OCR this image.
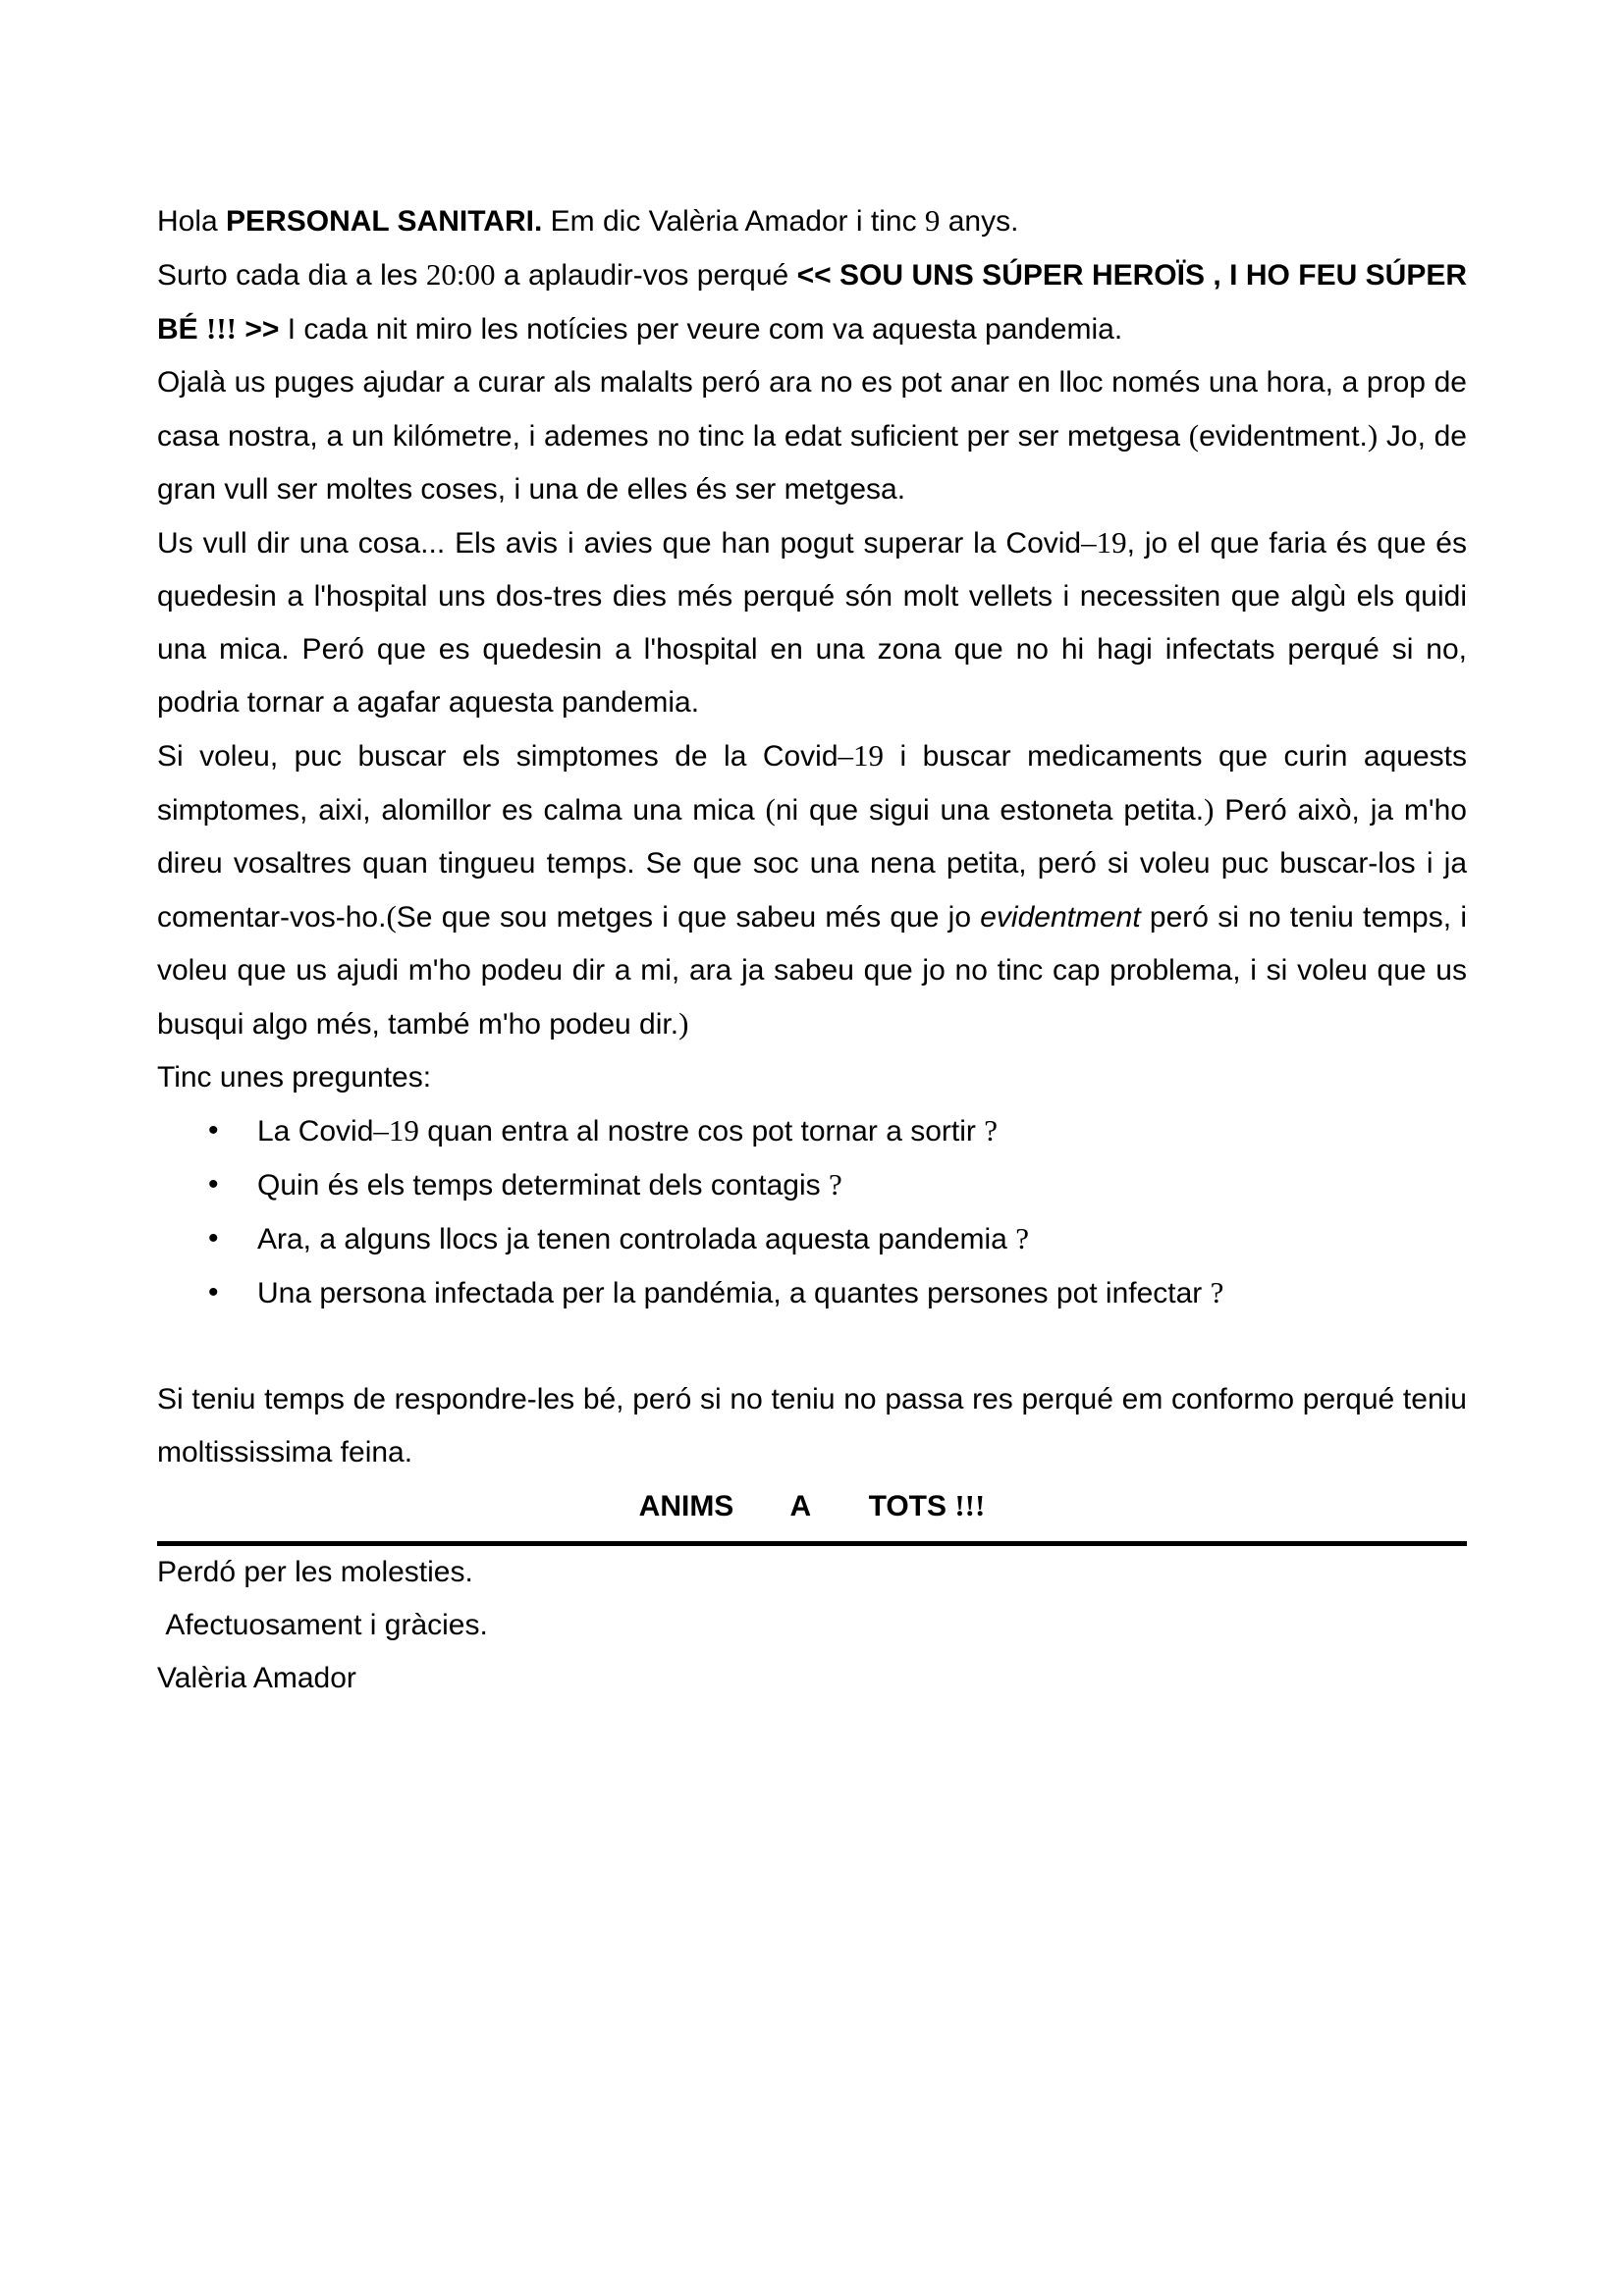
Hola PERSONAL SANITARI. Em dic Valèria Amador i tinc 9 anys.

Surto cada dia a les 20:00 a aplaudir-vos perqué << SOU UNS SÚPER HEROÏS , I HO FEU SÚPER BÉ !!! >> I cada nit miro les notícies per veure com va aquesta pandemia.

Ojalà us puges ajudar a curar als malalts peró ara no es pot anar en lloc només una hora, a prop de casa nostra, a un kilómetre, i ademes no tinc la edat suficient per ser metgesa (evidentment.) Jo, de gran vull ser moltes coses, i una de elles és ser metgesa.

Us vull dir una cosa... Els avis i avies que han pogut superar la Covid–19, jo el que faria és que és quedesin a l'hospital uns dos-tres dies més perqué són molt vellets i necessiten que algù els quidi una mica. Peró que es quedesin a l'hospital en una zona que no hi hagi infectats perqué si no, podria tornar a agafar aquesta pandemia.

Si voleu, puc buscar els simptomes de la Covid–19 i buscar medicaments que curin aquests simptomes, aixi, alomillor es calma una mica (ni que sigui una estoneta petita.) Peró això, ja m'ho direu vosaltres quan tingueu temps. Se que soc una nena petita, peró si voleu puc buscar-los i ja comentar-vos-ho.(Se que sou metges i que sabeu més que jo evidentment peró si no teniu temps, i voleu que us ajudi m'ho podeu dir a mi, ara ja sabeu que jo no tinc cap problema, i si voleu que us busqui algo més, també m'ho podeu dir.)

Tinc unes preguntes:

• La Covid–19 quan entra al nostre cos pot tornar a sortir ?
• Quin és els temps determinat dels contagis ?
• Ara, a alguns llocs ja tenen controlada aquesta pandemia ?
• Una persona infectada per la pandémia, a quantes persones pot infectar ?

Si teniu temps de respondre-les bé, peró si no teniu no passa res perqué em conformo perqué teniu moltississima feina.

ANIMS       A       TOTS !!!

Perdó per les molesties.

Afectuosament i gràcies.

Valèria Amador
